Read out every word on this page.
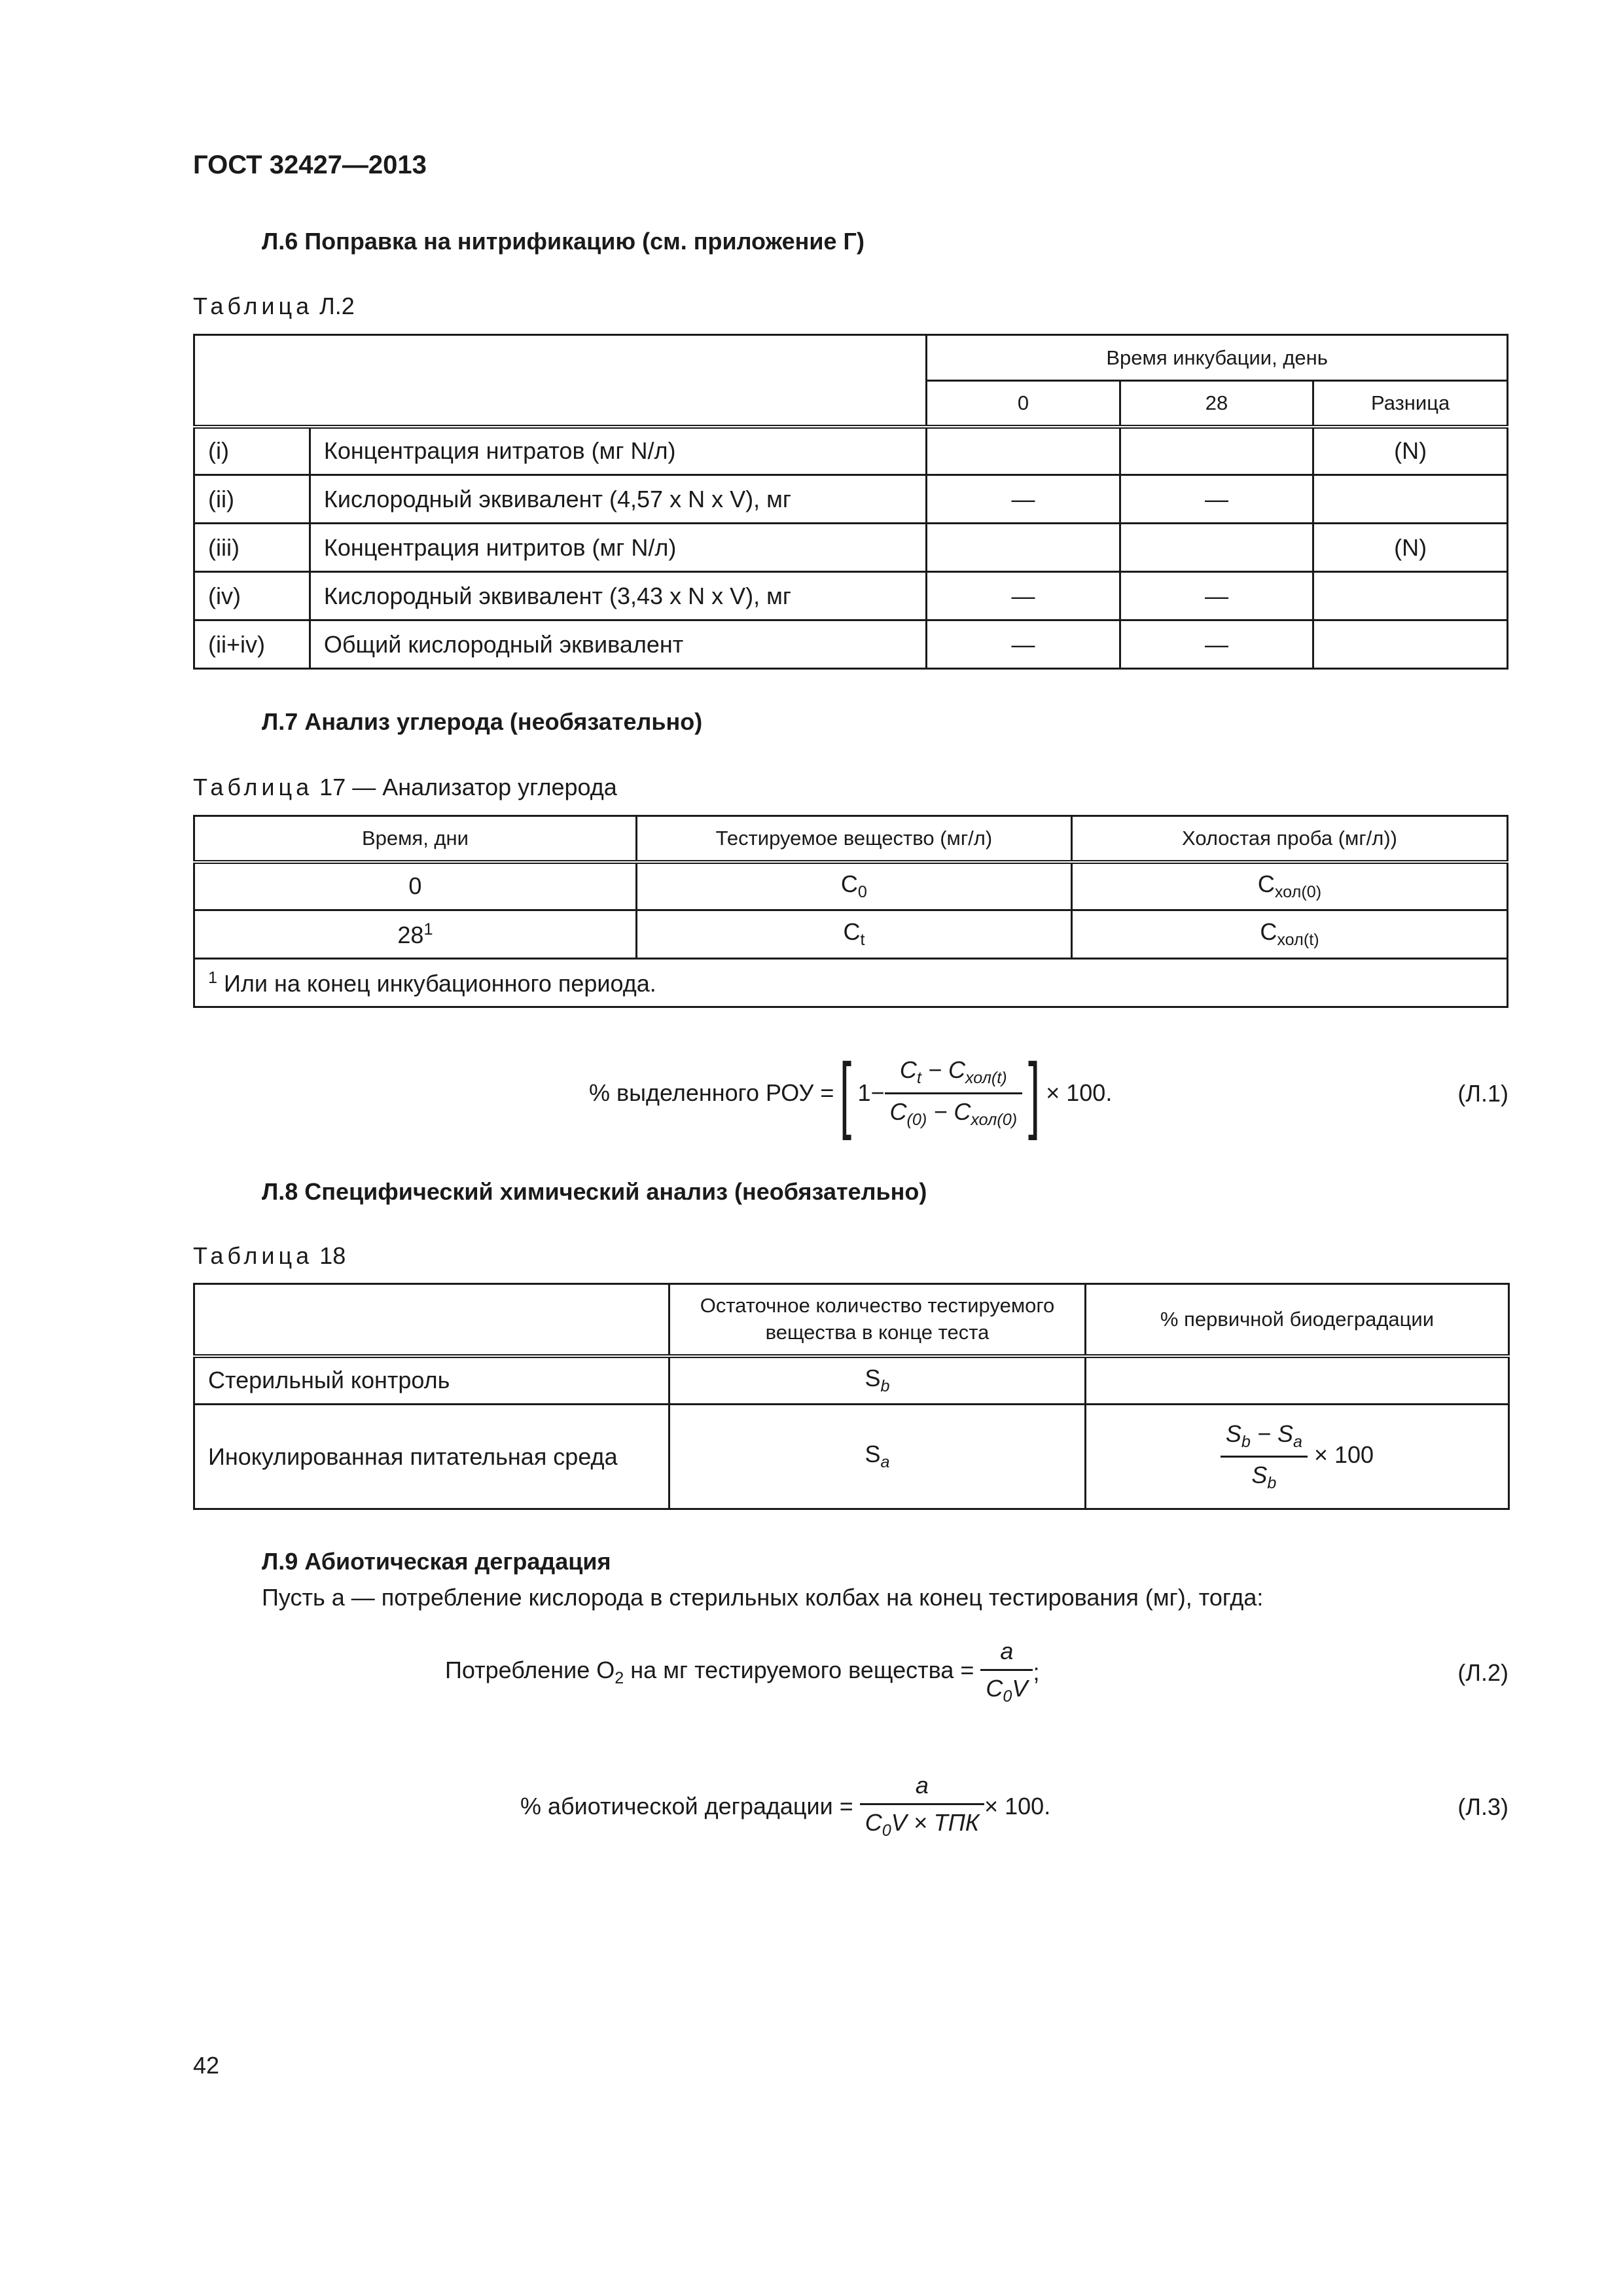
ГОСТ 32427—2013
Л.6 Поправка на нитрификацию (см. приложение Г)
Таблица Л.2
		Время инкубации, день		
		0	28	Разница
(i)	Концентрация нитратов (мг N/л)			(N)
(ii)	Кислородный эквивалент (4,57 x N x V), мг	—	—	
(iii)	Концентрация нитритов (мг N/л)			(N)
(iv)	Кислородный эквивалент (3,43 x N x V), мг	—	—	
(ii+iv)	Общий кислородный эквивалент	—	—	
Л.7 Анализ углерода (необязательно)
Таблица 17 — Анализатор углерода
Время, дни	Тестируемое вещество (мг/л)	Холостая проба (мг/л))
0	$C_0$	$C_{хол(0)}$
$28^1$	$C_t$	$C_{хол(t)}$
$^1$ Или на конец инкубационного периода.		
% выделенного РОУ = [ $1- \frac{C_t - C_{хол(t)}}{C_{(0)} - C_{хол(0)}}$ ] × 100.	(Л.1)
Л.8 Специфический химический анализ (необязательно)
Таблица 18
	Остаточное количество тестируемого вещества в конце теста	% первичной биодеградации
Стерильный контроль	$S_b$	
Инокулированная питательная среда	$S_a$	$\frac{S_b - S_a}{S_b} \times 100$
Л.9 Абиотическая деградация
Пусть a — потребление кислорода в стерильных колбах на конец тестирования (мг), тогда:
Потребление $O_2$ на мг тестируемого вещества = $\frac{a}{C_0V}$ ;	(Л.2)
% абиотической деградации = $\frac{a}{C_0V \times ТПК} \times 100$.	(Л.3)
42
